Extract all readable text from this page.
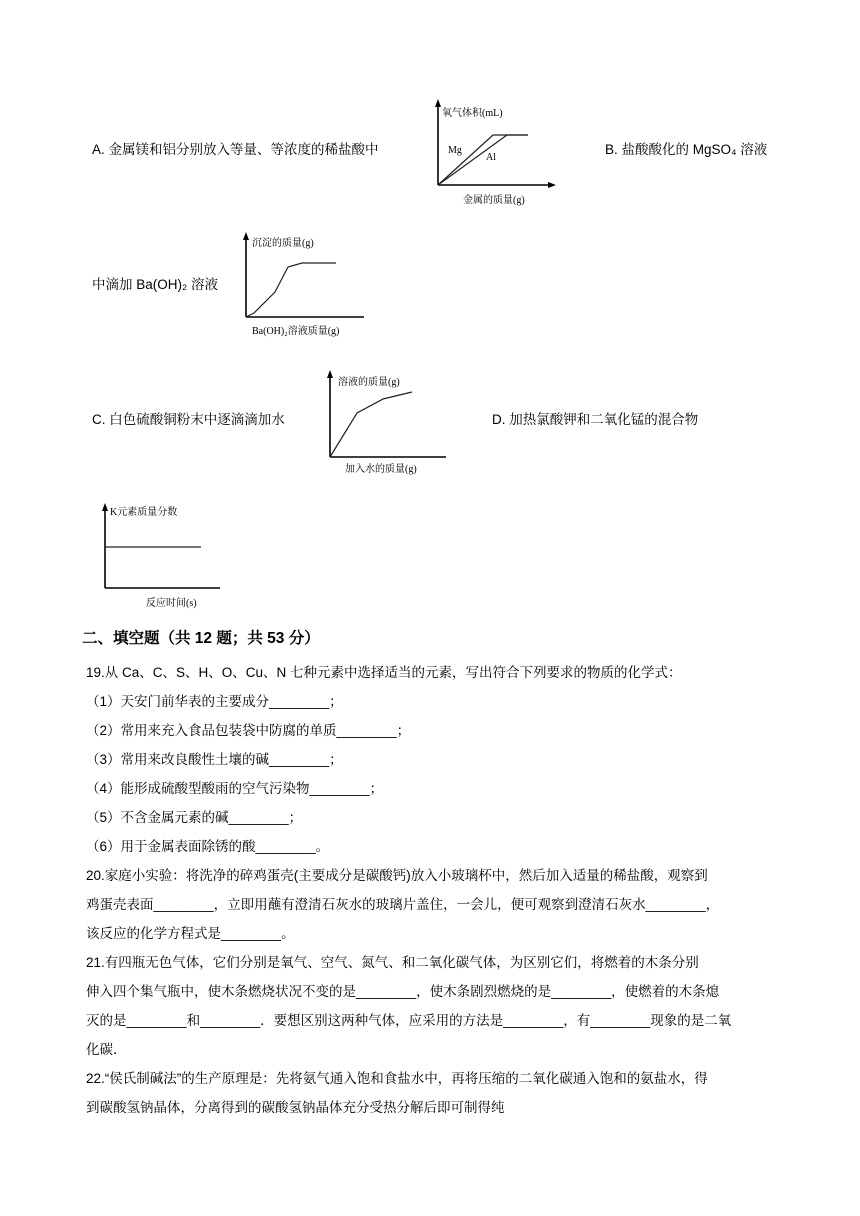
A. 金属镁和铝分别放入等量、等浓度的稀盐酸中
氧气体积(mL)
Mg
Al
金属的质量(g)
B. 盐酸酸化的 MgSO₄ 溶液
中滴加 Ba(OH)₂ 溶液
沉淀的质量(g)
Ba(OH)₂溶液质量(g)
C. 白色硫酸铜粉末中逐滴滴加水
溶液的质量(g)
加入水的质量(g)
D. 加热氯酸钾和二氧化锰的混合物
K元素质量分数
反应时间(s)
二、填空题（共 12 题；共 53 分）
19.从 Ca、C、S、H、O、Cu、N 七种元素中选择适当的元素，写出符合下列要求的物质的化学式：
（1）天安门前华表的主要成分________；
（2）常用来充入食品包装袋中防腐的单质________；
（3）常用来改良酸性土壤的碱________；
（4）能形成硫酸型酸雨的空气污染物________；
（5）不含金属元素的碱________；
（6）用于金属表面除锈的酸________。
20.家庭小实验：将洗净的碎鸡蛋壳(主要成分是碳酸钙)放入小玻璃杯中，然后加入适量的稀盐酸，观察到
鸡蛋壳表面________，立即用蘸有澄清石灰水的玻璃片盖住，一会儿，便可观察到澄清石灰水________，
该反应的化学方程式是________。
21.有四瓶无色气体，它们分别是氧气、空气、氮气、和二氧化碳气体，为区别它们，将燃着的木条分别
伸入四个集气瓶中，使木条燃烧状况不变的是________，使木条剧烈燃烧的是________，使燃着的木条熄
灭的是________和________．要想区别这两种气体，应采用的方法是________，有________现象的是二氧
化碳．
22.“侯氏制碱法”的生产原理是：先将氨气通入饱和食盐水中，再将压缩的二氧化碳通入饱和的氨盐水，得
到碳酸氢钠晶体，分离得到的碳酸氢钠晶体充分受热分解后即可制得纯
